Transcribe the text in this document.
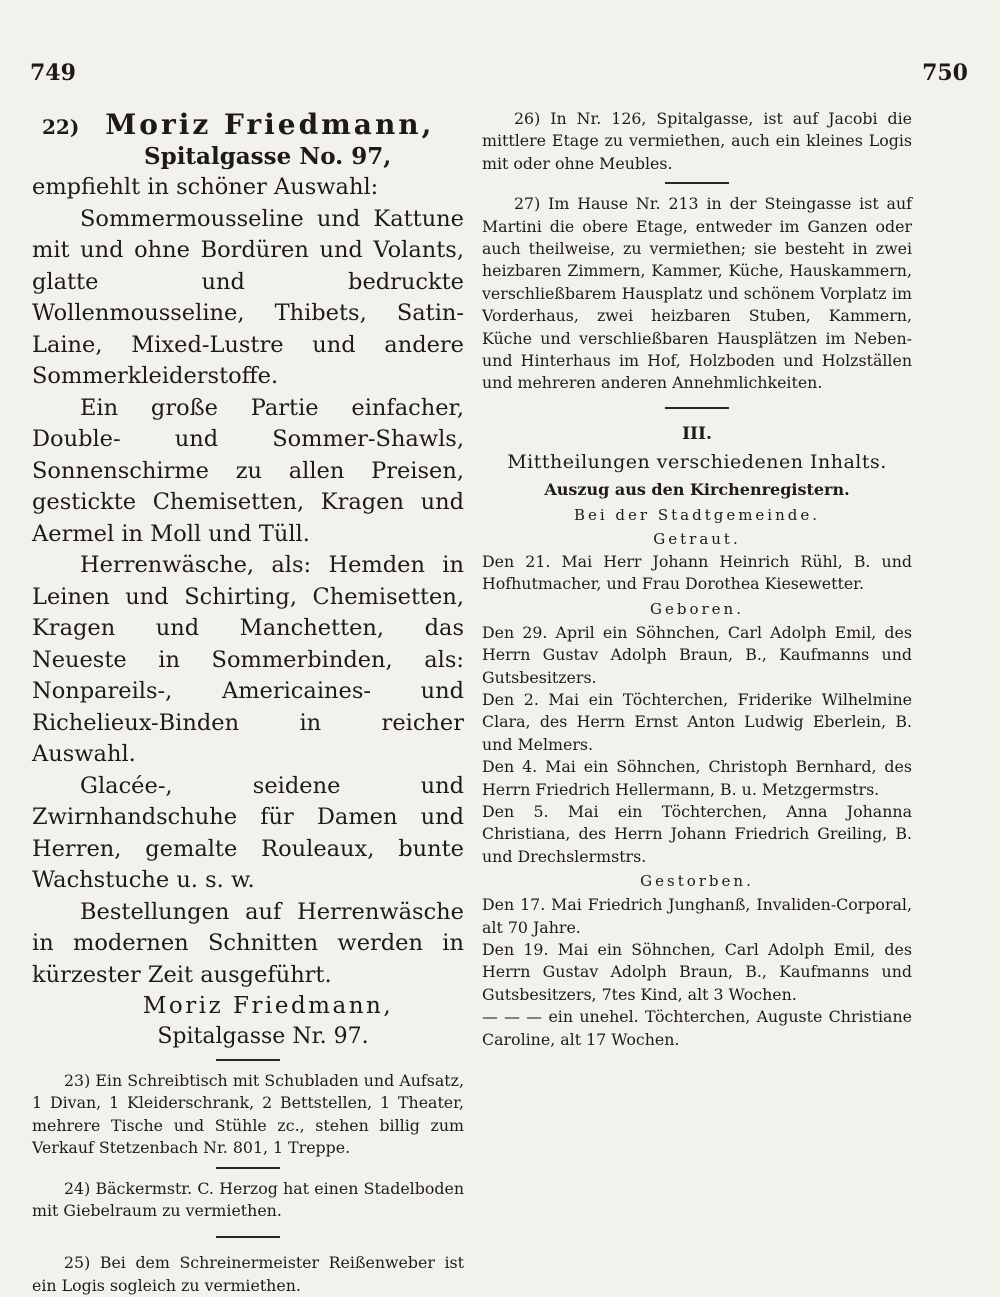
749	750
22) Moriz Friedmann,

Spitalgasse No. 97,

empfiehlt in schöner Auswahl:

Sommermousseline und Kattune mit und ohne Bordüren und Volants, glatte und bedruckte Wollenmousseline, Thibets, Satin-Laine, Mixed-Lustre und andere Sommerkleiderstoffe.

Ein große Partie einfacher, Double- und Sommer-Shawls, Sonnenschirme zu allen Preisen, gestickte Chemisetten, Kragen und Aermel in Moll und Tüll.

Herrenwäsche, als: Hemden in Leinen und Schirting, Chemisetten, Kragen und Manchetten, das Neueste in Sommerbinden, als: Nonpareils-, Americaines- und Richelieux-Binden in reicher Auswahl.

Glacée-, seidene und Zwirnhandschuhe für Damen und Herren, gemalte Rouleaux, bunte Wachstuche u. s. w.

Bestellungen auf Herrenwäsche in modernen Schnitten werden in kürzester Zeit ausgeführt.

Moriz Friedmann,

Spitalgasse Nr. 97.

23) Ein Schreibtisch mit Schubladen und Aufsatz, 1 Divan, 1 Kleiderschrank, 2 Bettstellen, 1 Theater, mehrere Tische und Stühle zc., stehen billig zum Verkauf Stetzenbach Nr. 801, 1 Treppe.

24) Bäckermstr. C. Herzog hat einen Stadelboden mit Giebelraum zu vermiethen.

25) Bei dem Schreinermeister Reißenweber ist ein Logis sogleich zu vermiethen.

26) In Nr. 126, Spitalgasse, ist auf Jacobi die mittlere Etage zu vermiethen, auch ein kleines Logis mit oder ohne Meubles.

27) Im Hause Nr. 213 in der Steingasse ist auf Martini die obere Etage, entweder im Ganzen oder auch theilweise, zu vermiethen; sie besteht in zwei heizbaren Zimmern, Kammer, Küche, Hauskammern, verschließbarem Hausplatz und schönem Vorplatz im Vorderhaus, zwei heizbaren Stuben, Kammern, Küche und verschließbaren Hausplätzen im Neben- und Hinterhaus im Hof, Holzboden und Holzställen und mehreren anderen Annehmlichkeiten.

III.

Mittheilungen verschiedenen Inhalts.

Auszug aus den Kirchenregistern.

Bei der Stadtgemeinde.

Getraut.

Den 21. Mai Herr Johann Heinrich Rühl, B. und Hofhutmacher, und Frau Dorothea Kiesewetter.

Geboren.

Den 29. April ein Söhnchen, Carl Adolph Emil, des Herrn Gustav Adolph Braun, B., Kaufmanns und Gutsbesitzers.

Den 2. Mai ein Töchterchen, Friderike Wilhelmine Clara, des Herrn Ernst Anton Ludwig Eberlein, B. und Melmers.

Den 4. Mai ein Söhnchen, Christoph Bernhard, des Herrn Friedrich Hellermann, B. u. Metzgermstrs.

Den 5. Mai ein Töchterchen, Anna Johanna Christiana, des Herrn Johann Friedrich Greiling, B. und Drechslermstrs.

Gestorben.

Den 17. Mai Friedrich Junghanß, Invaliden-Corporal, alt 70 Jahre.

Den 19. Mai ein Söhnchen, Carl Adolph Emil, des Herrn Gustav Adolph Braun, B., Kaufmanns und Gutsbesitzers, 7tes Kind, alt 3 Wochen.

— — — ein unehel. Töchterchen, Auguste Christiane Caroline, alt 17 Wochen.
